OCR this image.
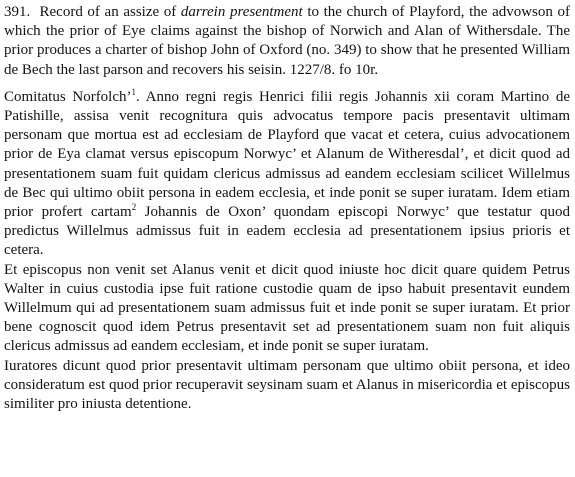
391. Record of an assize of darrein presentment to the church of Playford, the advowson of which the prior of Eye claims against the bishop of Norwich and Alan of Withersdale. The prior produces a charter of bishop John of Oxford (no. 349) to show that he presented William de Bech the last parson and recovers his seisin. 1227/8. fo 10r.

Comitatus Norfolch’$^1$. Anno regni regis Henrici filii regis Johannis xii coram Martino de Patishille, assisa venit recognitura quis advocatus tempore pacis presentavit ultimam personam que mortua est ad ecclesiam de Playford que vacat et cetera, cuius advocationem prior de Eya clamat versus episcopum Norwyc’ et Alanum de Witheresdal’, et dicit quod ad presentationem suam fuit quidam clericus admissus ad eandem ecclesiam scilicet Willelmus de Bec qui ultimo obiit persona in eadem ecclesia, et inde ponit se super iuratam. Idem etiam prior profert cartam$^2$ Johannis de Oxon’ quondam episcopi Norwyc’ que testatur quod predictus Willelmus admissus fuit in eadem ecclesia ad presentationem ipsius prioris et cetera.

Et episcopus non venit set Alanus venit et dicit quod iniuste hoc dicit quare quidem Petrus Walter in cuius custodia ipse fuit ratione custodie quam de ipso habuit presentavit eundem Willelmum qui ad presentationem suam admissus fuit et inde ponit se super iuratam. Et prior bene cognoscit quod idem Petrus presentavit set ad presentationem suam non fuit aliquis clericus admissus ad eandem ecclesiam, et inde ponit se super iuratam.

Iuratores dicunt quod prior presentavit ultimam personam que ultimo obiit persona, et ideo consideratum est quod prior recuperavit seysinam suam et Alanus in misericordia et episcopus similiter pro iniusta detentione.
